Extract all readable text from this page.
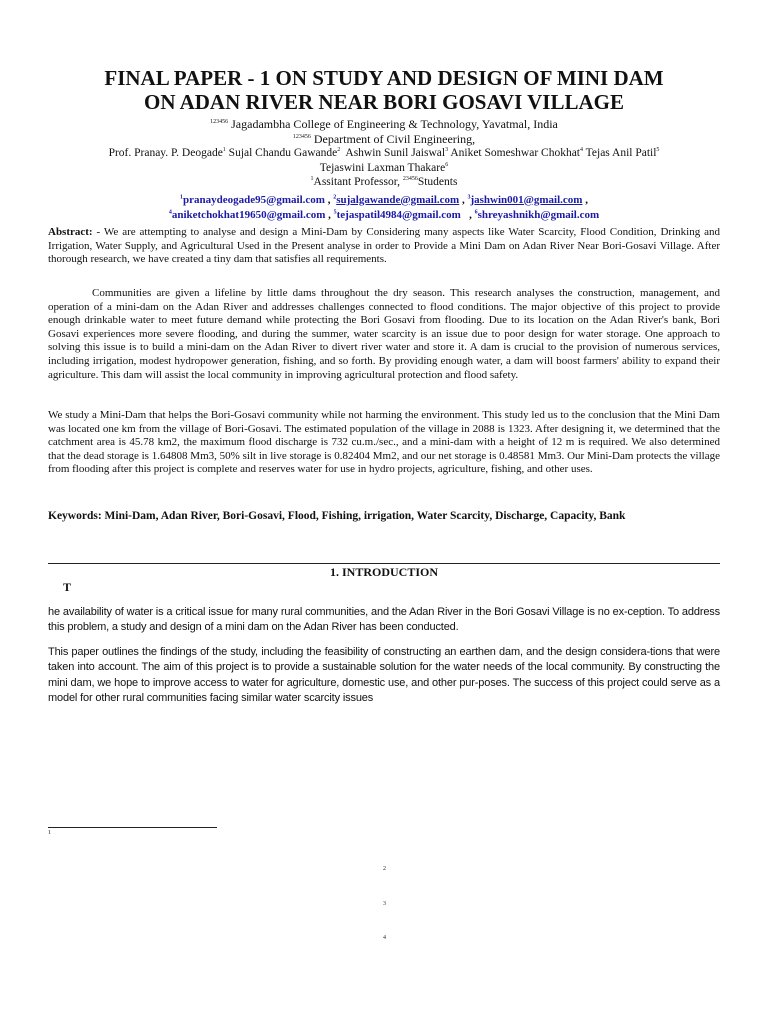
FINAL PAPER - 1 ON STUDY AND DESIGN OF MINI DAM
ON ADAN RIVER NEAR BORI GOSAVI VILLAGE
$^{123456}$ Jagadambha College of Engineering & Technology, Yavatmal, India
$^{123456}$ Department of Civil Engineering,
Prof. Pranay. P. Deogade$^1$ Sujal Chandu Gawande$^2$ Ashwin Sunil Jaiswal$^3$ Aniket Someshwar Chokhat$^4$ Tejas Anil Patil$^5$
Tejaswini Laxman Thakare$^6$
$^1$Assitant Professor, $^{23456}$Students
$^1$pranaydeogade95@gmail.com , $^2$sujalgawande@gmail.com , $^3$jashwin001@gmail.com ,
$^4$aniketchokhat19650@gmail.com , $^5$tejaspatil4984@gmail.com   , $^6$shreyashnikh@gmail.com

Abstract: - We are attempting to analyse and design a Mini-Dam by Considering many aspects like Water Scarcity, Flood Condition, Drinking and Irrigation, Water Supply, and Agricultural Used in the Present analyse in order to Provide a Mini Dam on Adan River Near Bori-Gosavi Village. After thorough research, we have created a tiny dam that satisfies all requirements.

Communities are given a lifeline by little dams throughout the dry season. This research analyses the construction, management, and operation of a mini-dam on the Adan River and addresses challenges connected to flood conditions. The major objective of this project to provide enough drinkable water to meet future demand while protecting the Bori Gosavi from flooding. Due to its location on the Adan River's bank, Bori Gosavi experiences more severe flooding, and during the summer, water scarcity is an issue due to poor design for water storage. One approach to solving this issue is to build a mini-dam on the Adan River to divert river water and store it. A dam is crucial to the provision of numerous services, including irrigation, modest hydropower generation, fishing, and so forth. By providing enough water, a dam will boost farmers' ability to expand their agriculture. This dam will assist the local community in improving agricultural protection and flood safety.

We study a Mini-Dam that helps the Bori-Gosavi community while not harming the environment. This study led us to the conclusion that the Mini Dam was located one km from the village of Bori-Gosavi. The estimated population of the village in 2088 is 1323. After designing it, we determined that the catchment area is 45.78 km2, the maximum flood discharge is 732 cu.m./sec., and a mini-dam with a height of 12 m is required. We also determined that the dead storage is 1.64808 Mm3, 50% silt in live storage is 0.82404 Mm2, and our net storage is 0.48581 Mm3. Our Mini-Dam protects the village from flooding after this project is complete and reserves water for use in hydro projects, agriculture, fishing, and other uses.

Keywords: Mini-Dam, Adan River, Bori-Gosavi, Flood, Fishing, irrigation, Water Scarcity, Discharge, Capacity, Bank

1. INTRODUCTION
T

he availability of water is a critical issue for many rural communities, and the Adan River in the Bori Gosavi Village is no ex-ception. To address this problem, a study and design of a mini dam on the Adan River has been conducted.

This paper outlines the findings of the study, including the feasibility of constructing an earthen dam, and the design considera-tions that were taken into account. The aim of this project is to provide a sustainable solution for the water needs of the local community. By constructing the mini dam, we hope to improve access to water for agriculture, domestic use, and other pur-poses. The success of this project could serve as a model for other rural communities facing similar water scarcity issues

1
2
3
4
